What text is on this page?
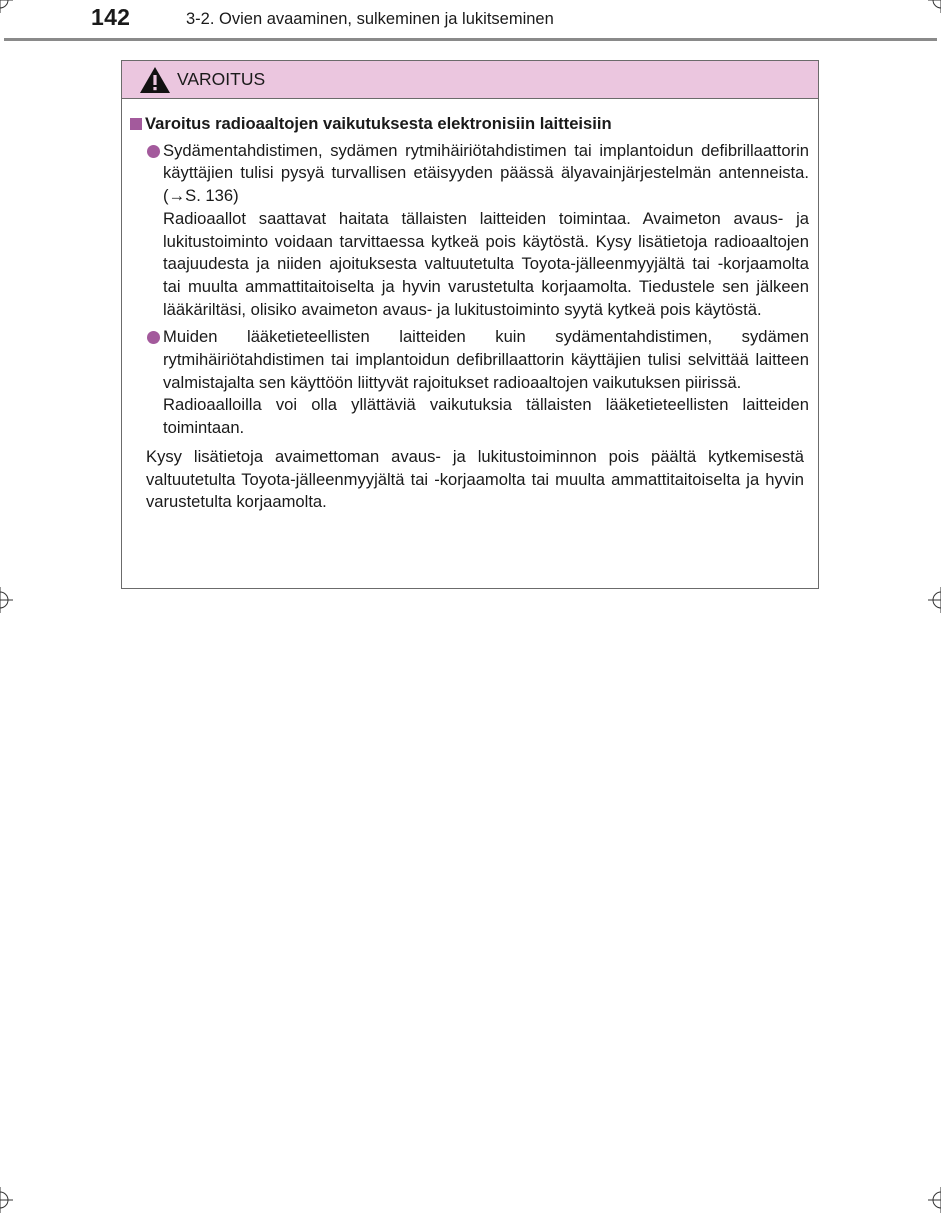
142	3-2. Ovien avaaminen, sulkeminen ja lukitseminen
VAROITUS
Varoitus radioaaltojen vaikutuksesta elektronisiin laitteisiin

Sydämentahdistimen, sydämen rytmihäiriötahdistimen tai implantoidun defibrillaattorin käyttäjien tulisi pysyä turvallisen etäisyyden päässä älyavainjärjestelmän antenneista. (→S. 136)

Radioaallot saattavat haitata tällaisten laitteiden toimintaa. Avaimeton avaus- ja lukitustoiminto voidaan tarvittaessa kytkeä pois käytöstä. Kysy lisätietoja radioaaltojen taajuudesta ja niiden ajoituksesta valtuutetulta Toyota-jälleenmyyjältä tai -korjaamolta tai muulta ammattitaitoiselta ja hyvin varustetulta korjaamolta. Tiedustele sen jälkeen lääkäriltäsi, olisiko avaimeton avaus- ja lukitustoiminto syytä kytkeä pois käytöstä.

Muiden lääketieteellisten laitteiden kuin sydämentahdistimen, sydämen rytmihäiriötahdistimen tai implantoidun defibrillaattorin käyttäjien tulisi selvittää laitteen valmistajalta sen käyttöön liittyvät rajoitukset radioaaltojen vaikutuksen piirissä.

Radioaalloilla voi olla yllättäviä vaikutuksia tällaisten lääketieteellisten laitteiden toimintaan.

Kysy lisätietoja avaimettoman avaus- ja lukitustoiminnon pois päältä kytkemisestä valtuutetulta Toyota-jälleenmyyjältä tai -korjaamolta tai muulta ammattitaitoiselta ja hyvin varustetulta korjaamolta.
